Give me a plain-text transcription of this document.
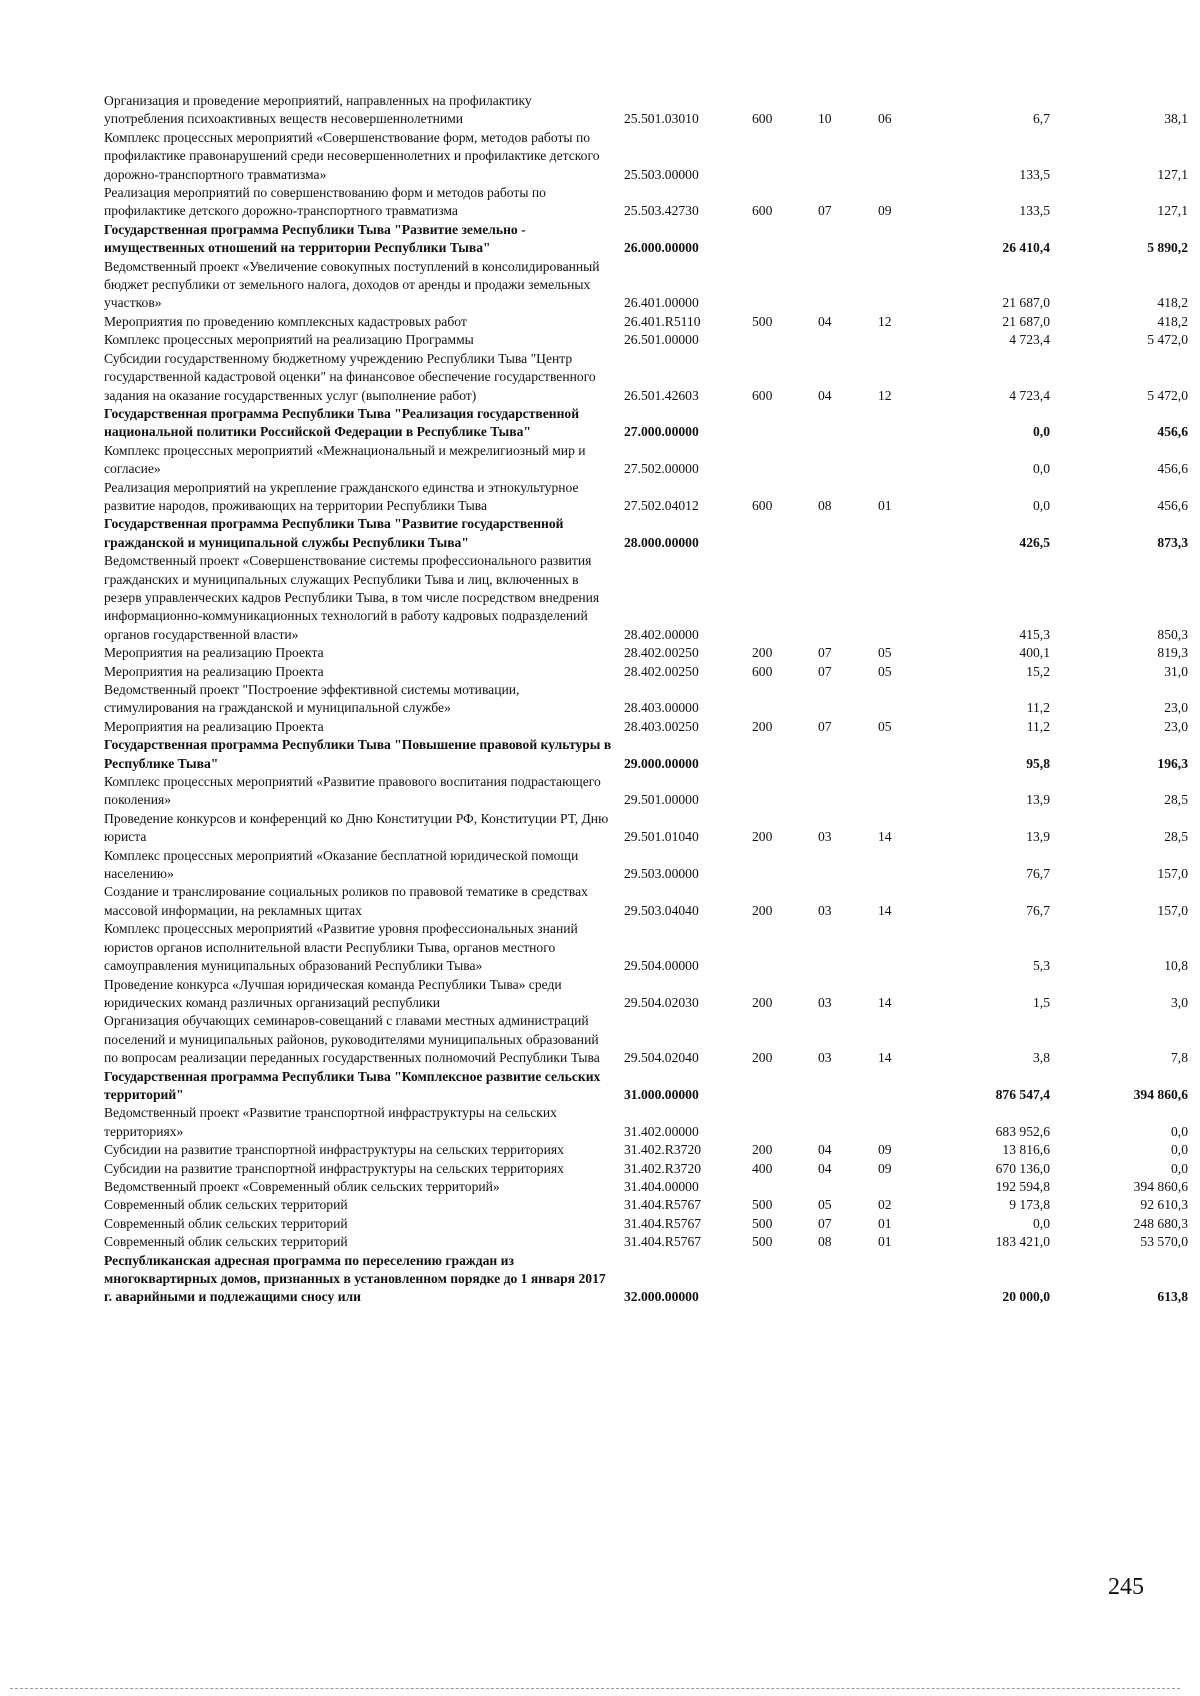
Организация и проведение мероприятий, направленных на профилактику употребления психоактивных веществ несовершеннолетними	25.501.03010	600	10	06	6,7	38,1
Комплекс процессных мероприятий «Совершенствование форм, методов работы по профилактике правонарушений среди несовершеннолетних и профилактике детского дорожно-транспортного травматизма»	25.503.00000				133,5	127,1
Реализация мероприятий по совершенствованию форм и методов работы по профилактике детского дорожно-транспортного травматизма	25.503.42730	600	07	09	133,5	127,1
Государственная программа Республики Тыва "Развитие земельно - имущественных отношений на территории Республики Тыва"	26.000.00000				26 410,4	5 890,2
Ведомственный проект «Увеличение совокупных поступлений в консолидированный бюджет республики от земельного налога, доходов от аренды и продажи земельных участков»	26.401.00000				21 687,0	418,2
Мероприятия по проведению комплексных кадастровых работ	26.401.R5110	500	04	12	21 687,0	418,2
Комплекс процессных мероприятий на реализацию Программы	26.501.00000				4 723,4	5 472,0
Субсидии государственному бюджетному учреждению Республики Тыва "Центр государственной кадастровой оценки" на финансовое обеспечение государственного задания на оказание государственных услуг (выполнение работ)	26.501.42603	600	04	12	4 723,4	5 472,0
Государственная программа Республики Тыва "Реализация государственной национальной политики Российской Федерации в Республике Тыва"	27.000.00000				0,0	456,6
Комплекс процессных мероприятий «Межнациональный и межрелигиозный мир и согласие»	27.502.00000				0,0	456,6
Реализация мероприятий на укрепление гражданского единства и этнокультурное развитие народов, проживающих на территории Республики Тыва	27.502.04012	600	08	01	0,0	456,6
Государственная программа Республики Тыва "Развитие государственной гражданской и муниципальной службы Республики Тыва"	28.000.00000				426,5	873,3
Ведомственный проект «Совершенствование системы профессионального развития гражданских и муниципальных служащих Республики Тыва и лиц, включенных в резерв управленческих кадров Республики Тыва, в том числе посредством внедрения информационно-коммуникационных технологий в работу кадровых подразделений органов государственной власти»	28.402.00000				415,3	850,3
Мероприятия на реализацию Проекта	28.402.00250	200	07	05	400,1	819,3
Мероприятия на реализацию Проекта	28.402.00250	600	07	05	15,2	31,0
Ведомственный проект "Построение эффективной системы мотивации, стимулирования на гражданской и муниципальной службе»	28.403.00000				11,2	23,0
Мероприятия на реализацию Проекта	28.403.00250	200	07	05	11,2	23,0
Государственная программа Республики Тыва "Повышение правовой культуры в Республике Тыва"	29.000.00000				95,8	196,3
Комплекс процессных мероприятий «Развитие правового воспитания подрастающего поколения»	29.501.00000				13,9	28,5
Проведение конкурсов и конференций ко Дню Конституции РФ, Конституции РТ, Дню юриста	29.501.01040	200	03	14	13,9	28,5
Комплекс процессных мероприятий «Оказание бесплатной юридической помощи населению»	29.503.00000				76,7	157,0
Создание и транслирование социальных роликов по правовой тематике в средствах массовой информации, на рекламных щитах	29.503.04040	200	03	14	76,7	157,0
Комплекс процессных мероприятий «Развитие уровня профессиональных знаний юристов органов исполнительной власти Республики Тыва, органов местного самоуправления муниципальных образований Республики Тыва»	29.504.00000				5,3	10,8
Проведение конкурса «Лучшая юридическая команда Республики Тыва» среди юридических команд различных организаций республики	29.504.02030	200	03	14	1,5	3,0
Организация обучающих семинаров-совещаний с главами местных администраций поселений и муниципальных районов, руководителями муниципальных образований по вопросам реализации переданных государственных полномочий Республики Тыва	29.504.02040	200	03	14	3,8	7,8
Государственная программа Республики Тыва "Комплексное развитие сельских территорий"	31.000.00000				876 547,4	394 860,6
Ведомственный проект «Развитие транспортной инфраструктуры на сельских территориях»	31.402.00000				683 952,6	0,0
Субсидии на развитие транспортной инфраструктуры на сельских территориях	31.402.R3720	200	04	09	13 816,6	0,0
Субсидии на развитие транспортной инфраструктуры на сельских территориях	31.402.R3720	400	04	09	670 136,0	0,0
Ведомственный проект «Современный облик сельских территорий»	31.404.00000				192 594,8	394 860,6
Современный облик сельских территорий	31.404.R5767	500	05	02	9 173,8	92 610,3
Современный облик сельских территорий	31.404.R5767	500	07	01	0,0	248 680,3
Современный облик сельских территорий	31.404.R5767	500	08	01	183 421,0	53 570,0
Республиканская адресная программа по переселению граждан из многоквартирных домов, признанных в установленном порядке до 1 января 2017 г. аварийными и подлежащими сносу или	32.000.00000				20 000,0	613,8
245
